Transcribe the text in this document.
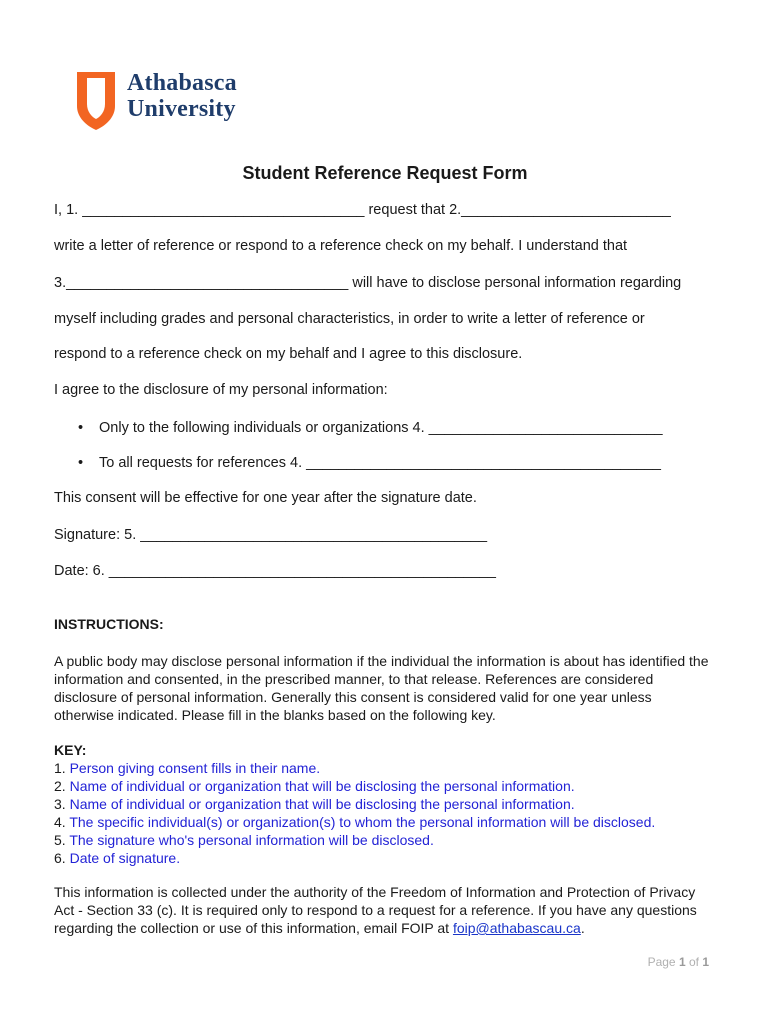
Athabasca
University
Student Reference Request Form
I, 1. ___________________________________ request that 2.__________________________
write a letter of reference or respond to a reference check on my behalf. I understand that
3.___________________________________ will have to disclose personal information regarding
myself including grades and personal characteristics, in order to write a letter of reference or
respond to a reference check on my behalf and I agree to this disclosure.
I agree to the disclosure of my personal information:
• Only to the following individuals or organizations 4. _____________________________
• To all requests for references 4. ____________________________________________
This consent will be effective for one year after the signature date.
Signature: 5. ___________________________________________
Date: 6. ________________________________________________
INSTRUCTIONS:
A public body may disclose personal information if the individual the information is about has identified the information and consented, in the prescribed manner, to that release. References are considered disclosure of personal information. Generally this consent is considered valid for one year unless otherwise indicated. Please fill in the blanks based on the following key.
KEY:
1. Person giving consent fills in their name.
2. Name of individual or organization that will be disclosing the personal information.
3. Name of individual or organization that will be disclosing the personal information.
4. The specific individual(s) or organization(s) to whom the personal information will be disclosed.
5. The signature who's personal information will be disclosed.
6. Date of signature.
This information is collected under the authority of the Freedom of Information and Protection of Privacy Act - Section 33 (c). It is required only to respond to a request for a reference. If you have any questions regarding the collection or use of this information, email FOIP at foip@athabascau.ca.
Page 1 of 1
